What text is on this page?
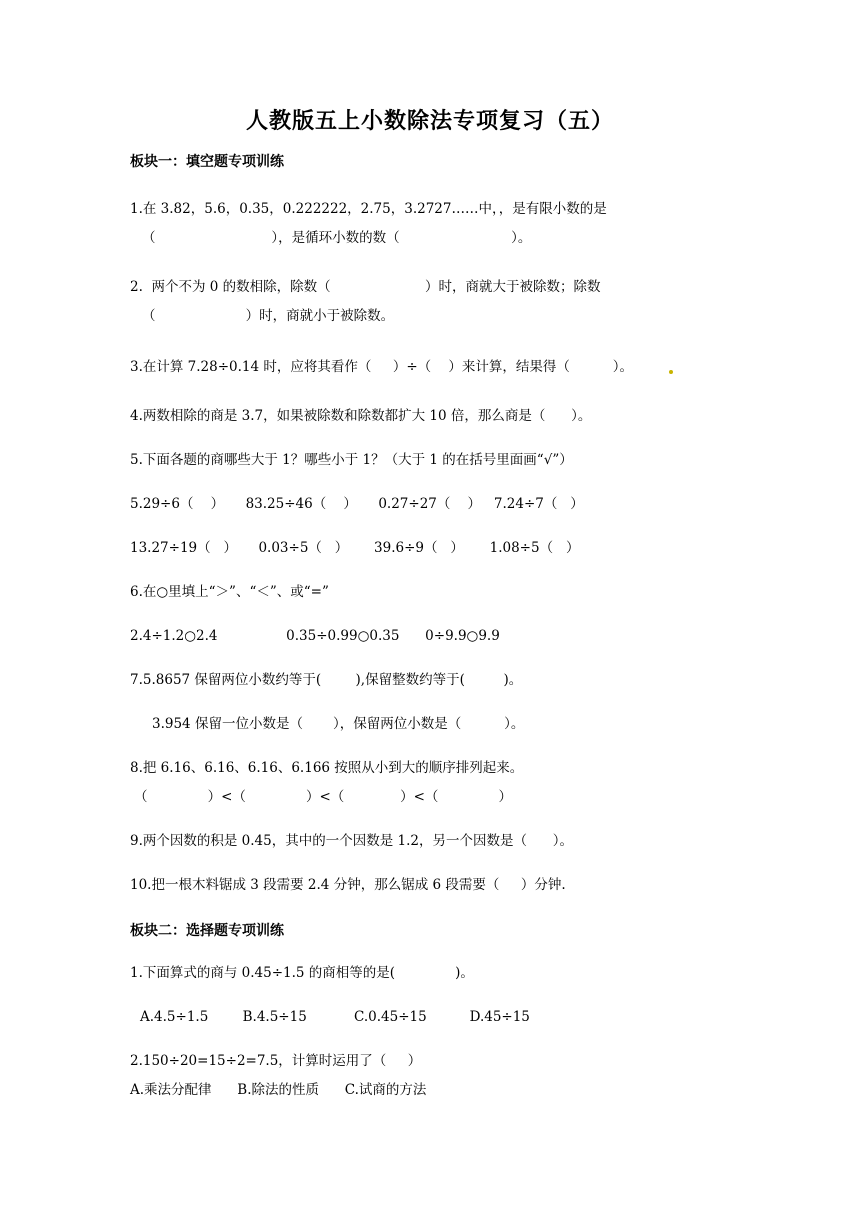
人教版五上小数除法专项复习（五）
板块一：填空题专项训练
1.在 3.82，5.6，0.35，0.222222，2.75，3.2727……中，，是有限小数的是
（                           ），是循环小数的数（                          ）。
2.  两个不为 0 的数相除，除数（                      ）时，商就大于被除数；除数
（                     ）时，商就小于被除数。
3.在计算 7.28÷0.14 时，应将其看作（     ）÷（    ）来计算，结果得（          ）。
4.两数相除的商是 3.7，如果被除数和除数都扩大 10 倍，那么商是（      ）。
5.下面各题的商哪些大于 1？哪些小于 1？（大于 1 的在括号里面画“√”）
5.29÷6（    ）     83.25÷46（    ）     0.27÷27（    ）   7.24÷7（   ）
13.27÷19（   ）     0.03÷5（   ）      39.6÷9（   ）      1.08÷5（   ）
6.在○里填上“＞”、“＜”、或“=”
2.4÷1.2○2.4                0.35÷0.99○0.35      0÷9.9○9.9
7.5.8657 保留两位小数约等于(        ),保留整数约等于(         )。
3.954 保留一位小数是（       ），保留两位小数是（          ）。
8.把 6.16、6.16、6.16、6.166 按照从小到大的顺序排列起来。
（              ）<（              ）<（             ）<（              ）
9.两个因数的积是 0.45，其中的一个因数是 1.2，另一个因数是（      ）。
10.把一根木料锯成 3 段需要 2.4 分钟，那么锯成 6 段需要（     ）分钟.
板块二：选择题专项训练
1.下面算式的商与 0.45÷1.5 的商相等的是(              )。
A.4.5÷1.5        B.4.5÷15           C.0.45÷15          D.45÷15
2.150÷20=15÷2=7.5，计算时运用了（     ）
A.乘法分配律      B.除法的性质      C.试商的方法
